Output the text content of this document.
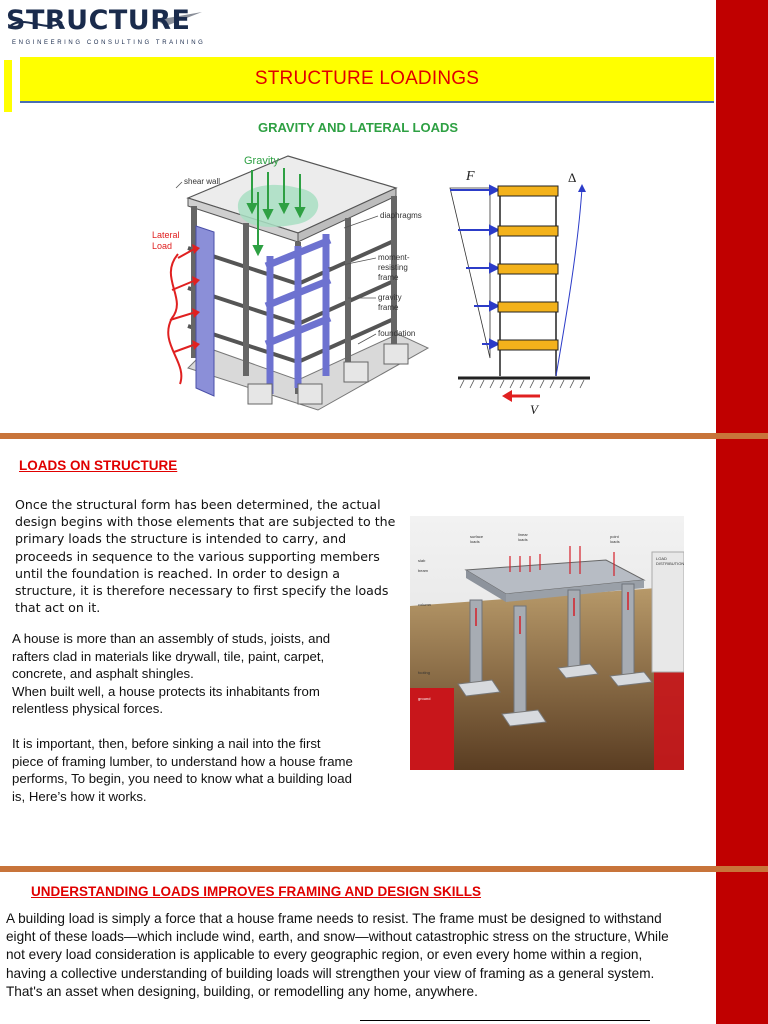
STRUCTURE
ENGINEERING CONSULTING TRAINING
STRUCTURE LOADINGS
GRAVITY AND LATERAL LOADS
Gravity
Lateral Load
shear wall
diaphragms
moment-resisting frame
gravity frame
foundation
F	Δ
V
LOADS ON STRUCTURE

Once the structural form has been determined, the actual
design begins with those elements that are subjected to the
primary loads the structure is intended to carry, and
proceeds in sequence to the various supporting members
until the foundation is reached. In order to design a
structure, it is therefore necessary to first specify the loads
that act on it.

A house is more than an assembly of studs, joists, and
rafters clad in materials like drywall, tile, paint, carpet,
concrete, and asphalt shingles.
When built well, a house protects its inhabitants from
relentless physical forces.

It is important, then, before sinking a nail into the first
piece of framing lumber, to understand how a house frame
performs, To begin, you need to know what a building load
is, Here’s how it works.

LOAD DISTRIBUTION
surface loads
linear loads
point loads
slab
beam
column
footing
ground
UNDERSTANDING LOADS IMPROVES FRAMING AND DESIGN SKILLS

A building load is simply a force that a house frame needs to resist. The frame must be designed to withstand
eight of these loads—which include wind, earth, and snow—without catastrophic stress on the structure, While
not every load consideration is applicable to every geographic region, or even every home within a region,
having a collective understanding of building loads will strengthen your view of framing as a general system.
That's an asset when designing, building, or remodelling any home, anywhere.
